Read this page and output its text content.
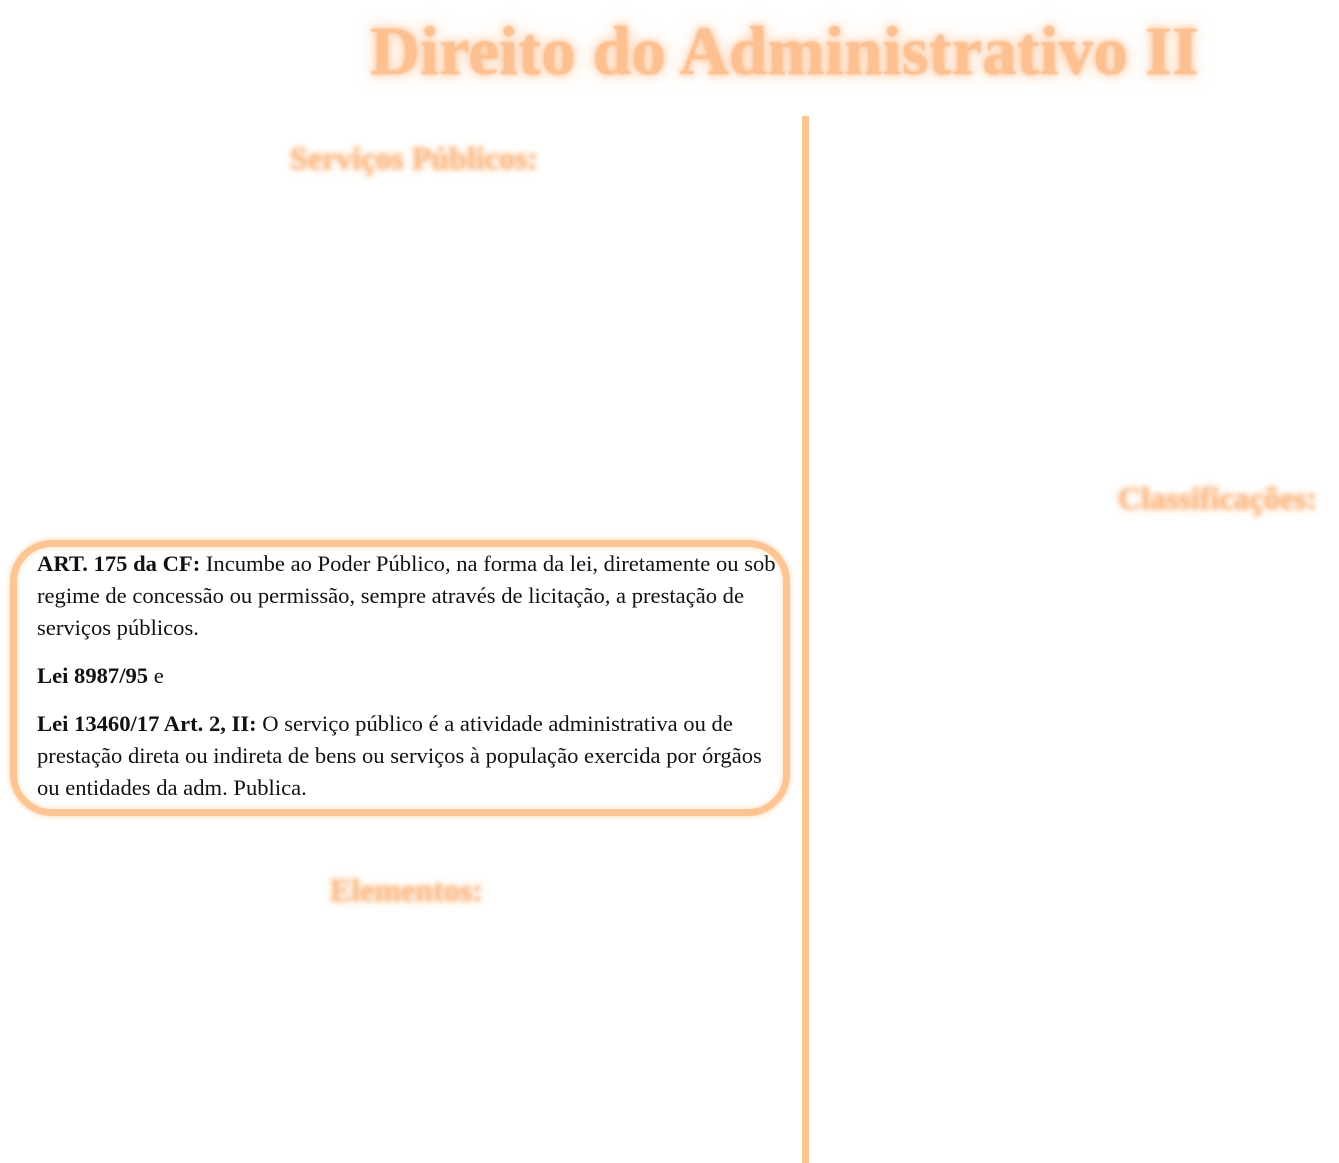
Direito do Administrativo II
Serviços Públicos:
Classificações:

ART. 175 da CF: Incumbe ao Poder Público, na forma da lei, diretamente ou sob regime de concessão ou permissão, sempre através de licitação, a prestação de serviços públicos.

Lei 8987/95 e

Lei 13460/17 Art. 2, II: O serviço público é a atividade administrativa ou de prestação direta ou indireta de bens ou serviços à população exercida por órgãos ou entidades da adm. Publica.

Elementos:
